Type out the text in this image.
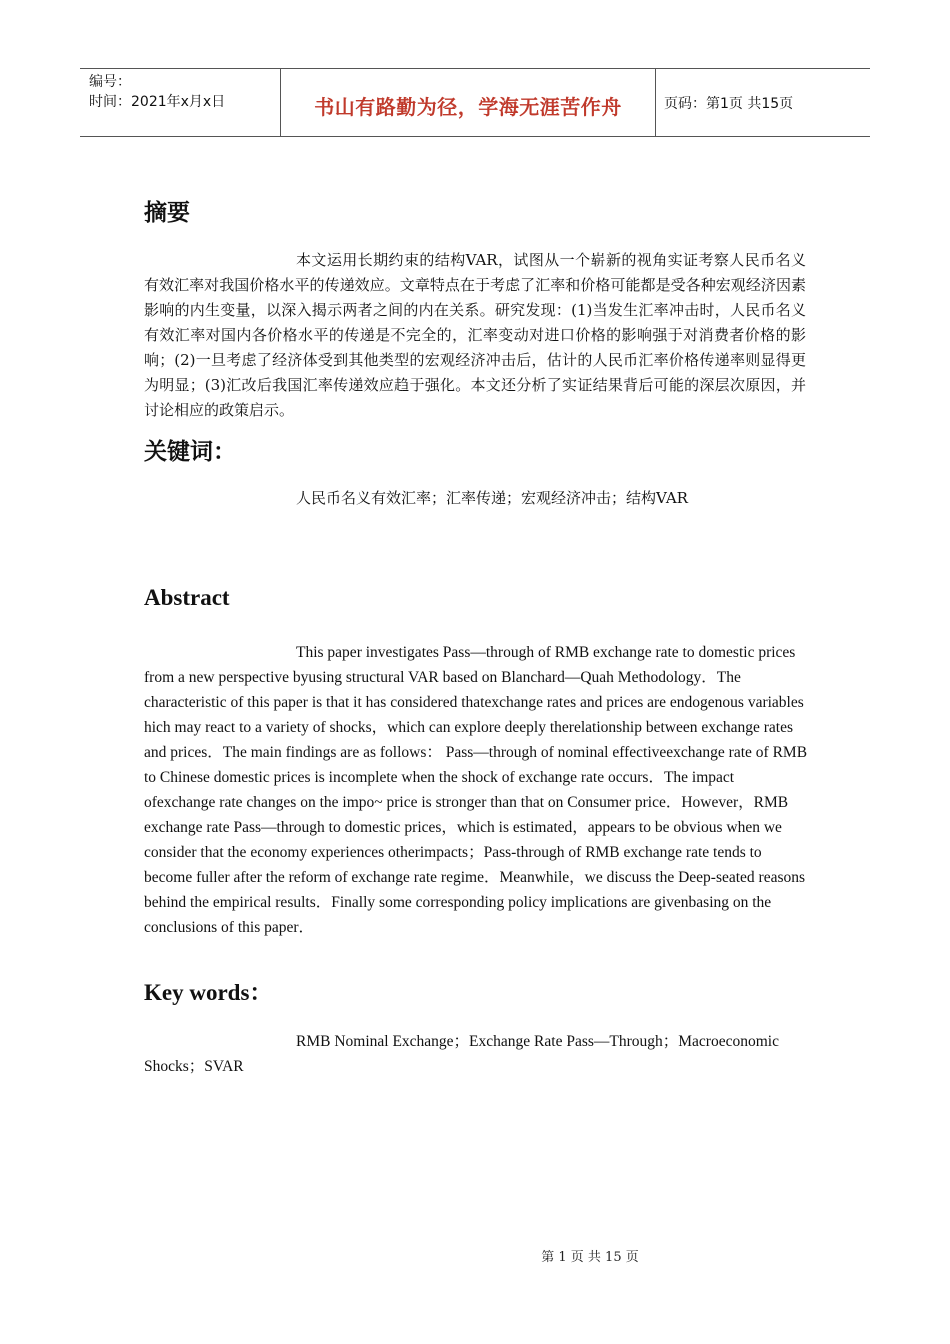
编号：
时间：2021年x月x日	书山有路勤为径，学海无涯苦作舟	页码：第1页 共15页
摘要
本文运用长期约束的结构VAR，试图从一个崭新的视角实证考察人民币名义有效汇率对我国价格水平的传递效应。文章特点在于考虑了汇率和价格可能都是受各种宏观经济因素影响的内生变量，以深入揭示两者之间的内在关系。研究发现：(1)当发生汇率冲击时，人民币名义有效汇率对国内各价格水平的传递是不完全的，汇率变动对进口价格的影响强于对消费者价格的影响；(2)一旦考虑了经济体受到其他类型的宏观经济冲击后，估计的人民币汇率价格传递率则显得更为明显；(3)汇改后我国汇率传递效应趋于强化。本文还分析了实证结果背后可能的深层次原因，并讨论相应的政策启示。
关键词：
人民币名义有效汇率；汇率传递；宏观经济冲击；结构VAR
Abstract
This paper investigates Pass—through of RMB exchange rate to domestic prices from a new perspective byusing structural VAR based on Blanchard—Quah Methodology．The characteristic of this paper is that it has considered thatexchange rates and prices are endogenous variables hich may react to a variety of shocks，which can explore deeply therelationship between exchange rates and prices．The main findings are as follows： Pass—through of nominal effectiveexchange rate of RMB to Chinese domestic prices is incomplete when the shock of exchange rate occurs．The impact ofexchange rate changes on the impo~ price is stronger than that on Consumer price．However，RMB exchange rate Pass—through to domestic prices，which is estimated，appears to be obvious when we consider that the economy experiences otherimpacts；Pass-through of RMB exchange rate tends to become fuller after the reform of exchange rate regime．Meanwhile，we discuss the Deep-seated reasons behind the empirical results．Finally some corresponding policy implications are givenbasing on the conclusions of this paper．
Key words：
RMB Nominal Exchange；Exchange Rate Pass—Through；Macroeconomic Shocks；SVAR
第 1 页 共 15 页
